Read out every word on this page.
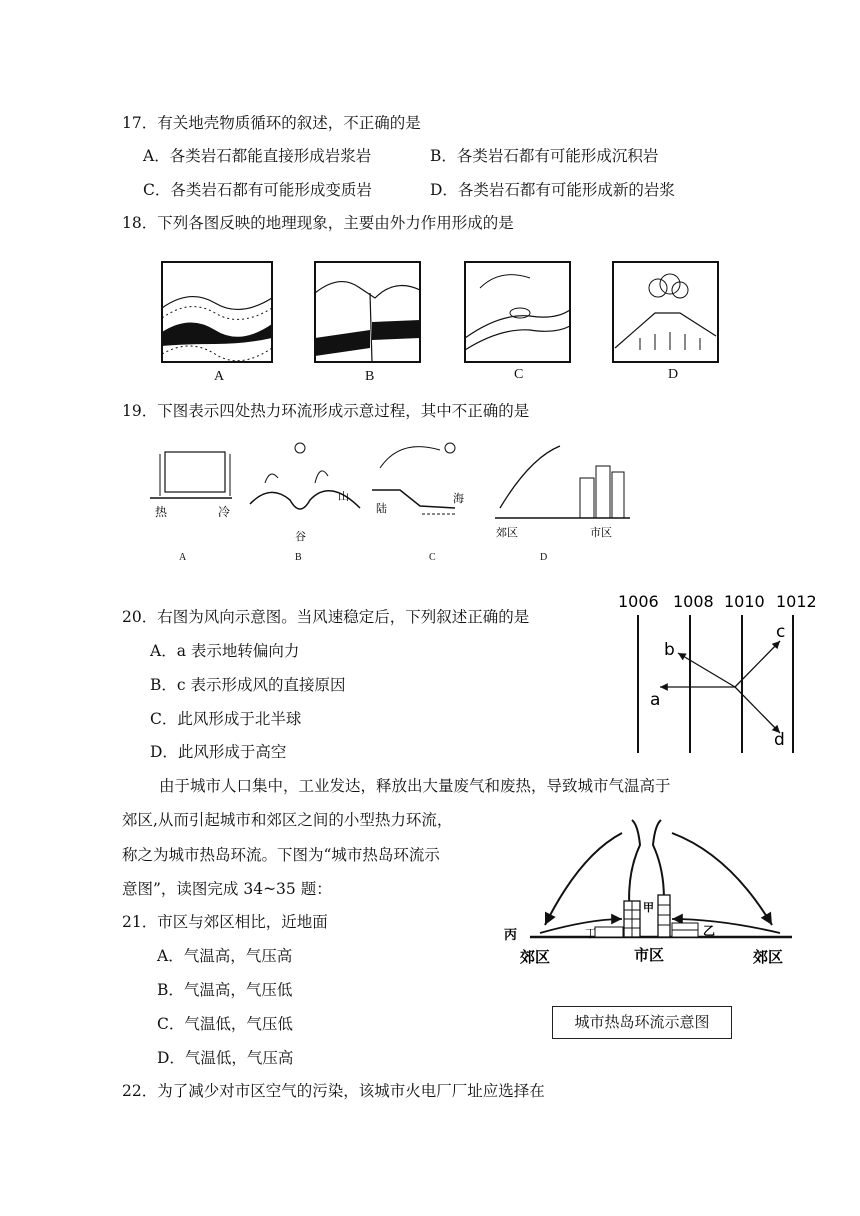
17．有关地壳物质循环的叙述，不正确的是
A．各类岩石都能直接形成岩浆岩	B．各类岩石都有可能形成沉积岩
C．各类岩石都有可能形成变质岩	D．各类岩石都有可能形成新的岩浆
18．下列各图反映的地理现象，主要由外力作用形成的是
A	B	C	D
19．下图表示四处热力环流形成示意过程，其中不正确的是
热	冷
山
谷
陆
海
郊区	市区
A	B	C	D
20．右图为风向示意图。当风速稳定后，下列叙述正确的是
A．a 表示地转偏向力
B．c 表示形成风的直接原因
C．此风形成于北半球
D．此风形成于高空
1006 1008 1010 1012
a
b
c
d
由于城市人口集中，工业发达，释放出大量废气和废热，导致城市气温高于
郊区,从而引起城市和郊区之间的小型热力环流，
称之为城市热岛环流。下图为“城市热岛环流示
意图”，读图完成 34~35 题：
21．市区与郊区相比，近地面
A．气温高，气压高
B．气温高，气压低
C．气温低，气压低
D．气温低，气压高
丙	丁
甲
乙
郊区	市区	郊区
城市热岛环流示意图
22．为了减少对市区空气的污染，该城市火电厂厂址应选择在
